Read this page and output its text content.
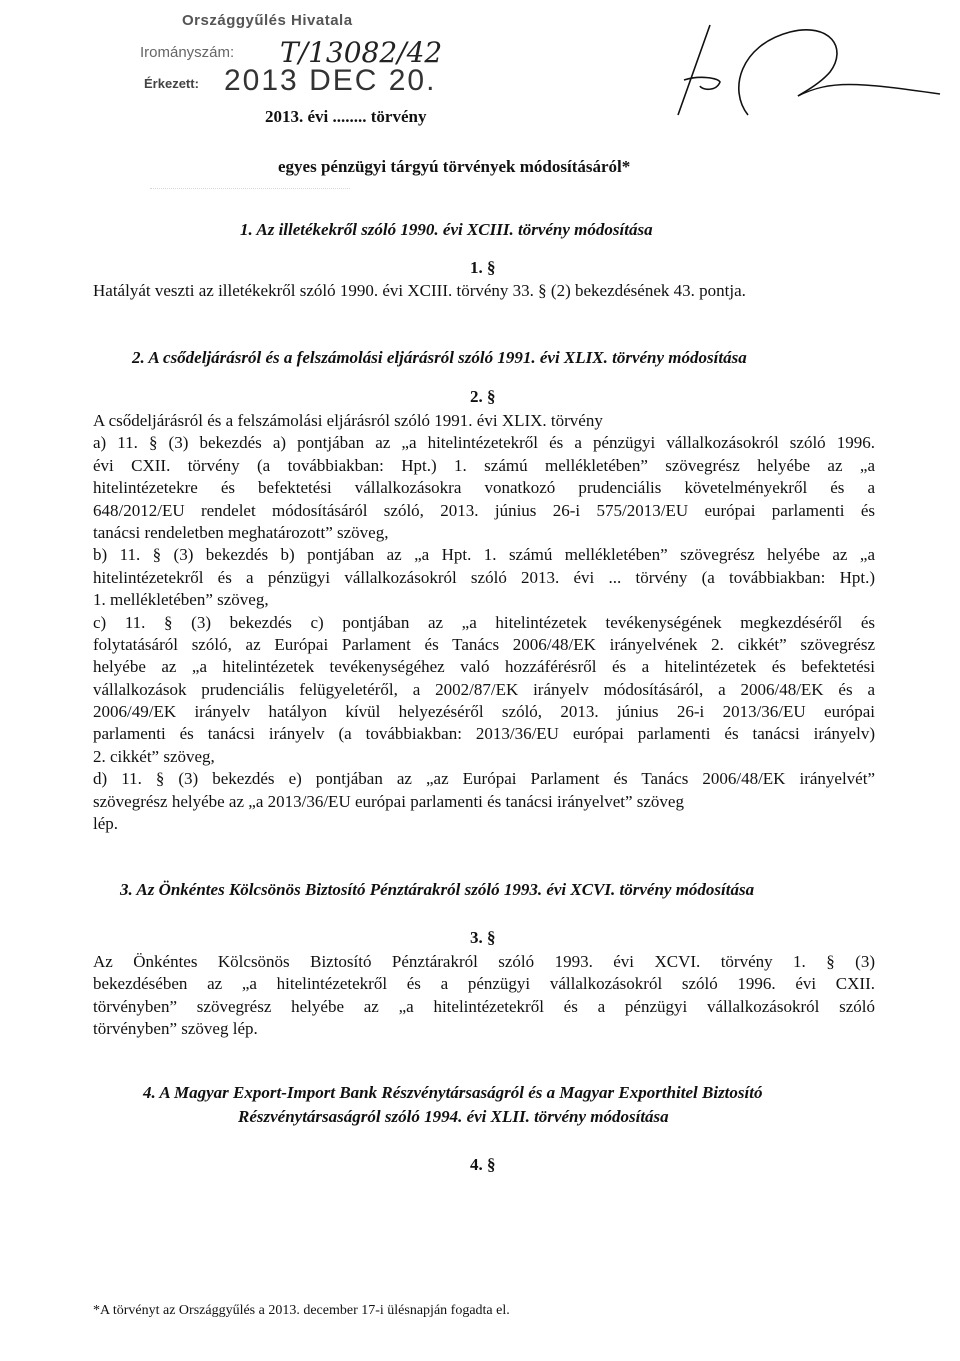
Országgyűlés Hivatala
Irományszám: T/13082/42
Érkezett: 2013 DEC 20.
2013. évi ........ törvény
egyes pénzügyi tárgyú törvények módosításáról*
1. Az illetékekről szóló 1990. évi XCIII. törvény módosítása
1. §
Hatályát veszti az illetékekről szóló 1990. évi XCIII. törvény 33. § (2) bekezdésének 43. pontja.
2. A csődeljárásról és a felszámolási eljárásról szóló 1991. évi XLIX. törvény módosítása
2. §
A csődeljárásról és a felszámolási eljárásról szóló 1991. évi XLIX. törvény
a) 11. § (3) bekezdés a) pontjában az „a hitelintézetekről és a pénzügyi vállalkozásokról szóló 1996.
évi CXII. törvény (a továbbiakban: Hpt.) 1. számú mellékletében” szövegrész helyébe az „a
hitelintézetekre és befektetési vállalkozásokra vonatkozó prudenciális követelményekről és a
648/2012/EU rendelet módosításáról szóló, 2013. június 26-i 575/2013/EU európai parlamenti és
tanácsi rendeletben meghatározott” szöveg,
b) 11. § (3) bekezdés b) pontjában az „a Hpt. 1. számú mellékletében” szövegrész helyébe az „a
hitelintézetekről és a pénzügyi vállalkozásokról szóló 2013. évi ... törvény (a továbbiakban: Hpt.)
1. mellékletében” szöveg,
c) 11. § (3) bekezdés c) pontjában az „a hitelintézetek tevékenységének megkezdéséről és
folytatásáról szóló, az Európai Parlament és Tanács 2006/48/EK irányelvének 2. cikkét” szövegrész
helyébe az „a hitelintézetek tevékenységéhez való hozzáférésről és a hitelintézetek és befektetési
vállalkozások prudenciális felügyeletéről, a 2002/87/EK irányelv módosításáról, a 2006/48/EK és a
2006/49/EK irányelv hatályon kívül helyezéséről szóló, 2013. június 26-i 2013/36/EU európai
parlamenti és tanácsi irányelv (a továbbiakban: 2013/36/EU európai parlamenti és tanácsi irányelv)
2. cikkét” szöveg,
d) 11. § (3) bekezdés e) pontjában az „az Európai Parlament és Tanács 2006/48/EK irányelvét”
szövegrész helyébe az „a 2013/36/EU európai parlamenti és tanácsi irányelvet” szöveg
lép.
3. Az Önkéntes Kölcsönös Biztosító Pénztárakról szóló 1993. évi XCVI. törvény módosítása
3. §
Az Önkéntes Kölcsönös Biztosító Pénztárakról szóló 1993. évi XCVI. törvény 1. § (3)
bekezdésében az „a hitelintézetekről és a pénzügyi vállalkozásokról szóló 1996. évi CXII.
törvényben” szövegrész helyébe az „a hitelintézetekről és a pénzügyi vállalkozásokról szóló
törvényben” szöveg lép.
4. A Magyar Export-Import Bank Részvénytársaságról és a Magyar Exporthitel Biztosító
Részvénytársaságról szóló 1994. évi XLII. törvény módosítása
4. §
*A törvényt az Országgyűlés a 2013. december 17-i ülésnapján fogadta el.
